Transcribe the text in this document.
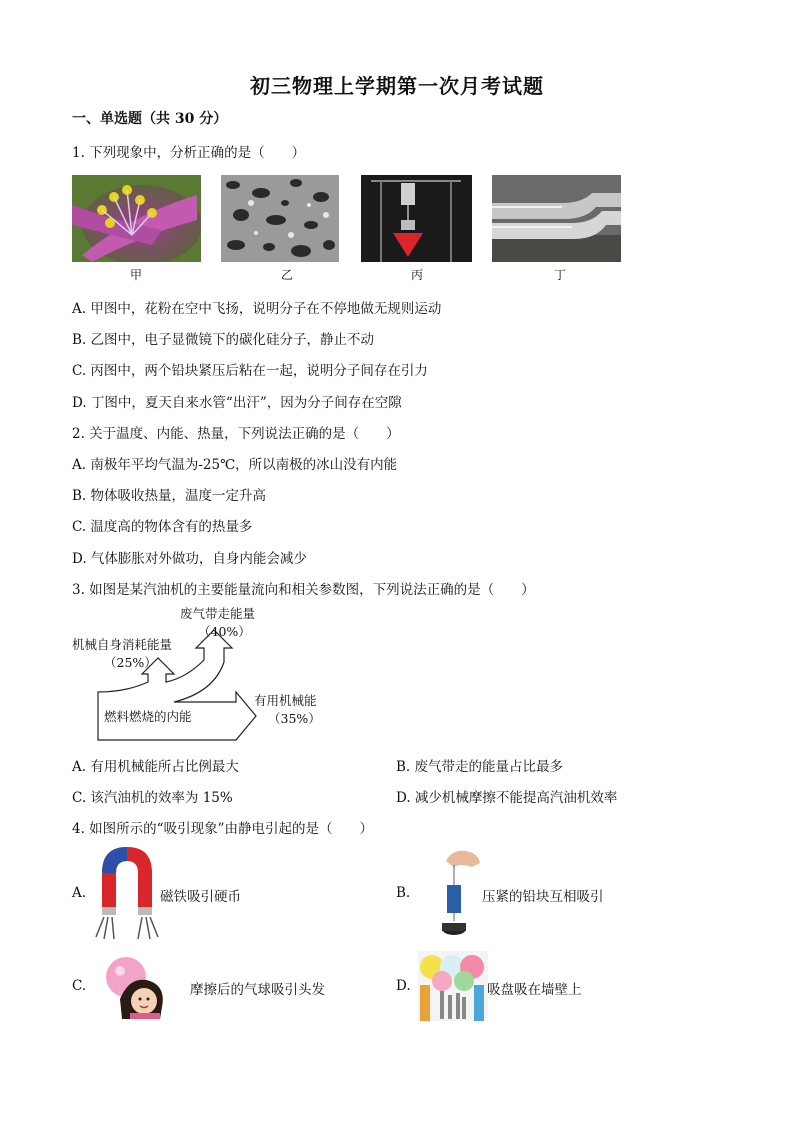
初三物理上学期第一次月考试题
一、单选题（共 30 分）
1. 下列现象中，分析正确的是（　　）
甲	乙	丙	丁
A. 甲图中，花粉在空中飞扬，说明分子在不停地做无规则运动
B. 乙图中，电子显微镜下的碳化硅分子，静止不动
C. 丙图中，两个铅块紧压后粘在一起，说明分子间存在引力
D. 丁图中，夏天自来水管“出汗”，因为分子间存在空隙
2. 关于温度、内能、热量，下列说法正确的是（　　）
A. 南极年平均气温为-25℃，所以南极的冰山没有内能
B. 物体吸收热量，温度一定升高
C. 温度高的物体含有的热量多
D. 气体膨胀对外做功，自身内能会减少
3. 如图是某汽油机的主要能量流向和相关参数图，下列说法正确的是（　　）
废气带走能量
（40%）
机械自身消耗能量
（25%）
有用机械能
（35%）
燃料燃烧的内能
A. 有用机械能所占比例最大	B. 废气带走的能量占比最多
C. 该汽油机的效率为 15%	D. 减少机械摩擦不能提高汽油机效率
4. 如图所示的“吸引现象”由静电引起的是（　　）
A.	磁铁吸引硬币	B.	压紧的铅块互相吸引
C.	摩擦后的气球吸引头发	D.	吸盘吸在墙壁上
